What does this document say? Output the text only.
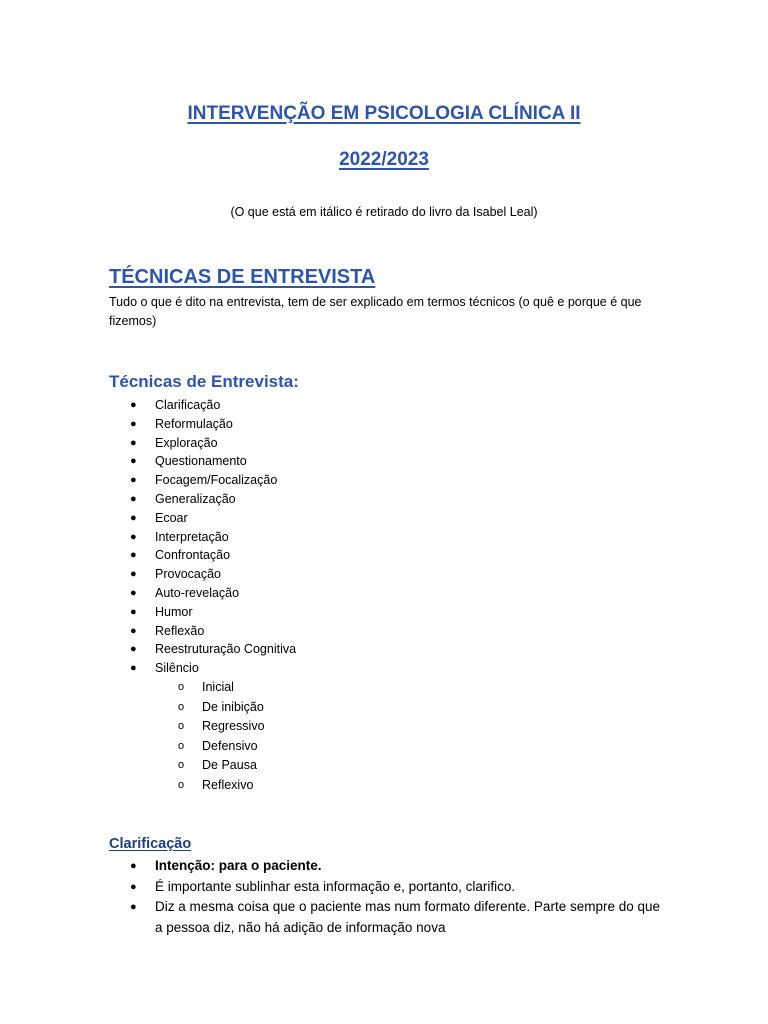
INTERVENÇÃO EM PSICOLOGIA CLÍNICA II
2022/2023

(O que está em itálico é retirado do livro da Isabel Leal)

TÉCNICAS DE ENTREVISTA

Tudo o que é dito na entrevista, tem de ser explicado em termos técnicos (o quê e porque é que fizemos)

Técnicas de Entrevista:
● Clarificação
● Reformulação
● Exploração
● Questionamento
● Focagem/Focalização
● Generalização
● Ecoar
● Interpretação
● Confrontação
● Provocação
● Auto-revelação
● Humor
● Reflexão
● Reestruturação Cognitiva
● Silêncio
o Inicial
o De inibição
o Regressivo
o Defensivo
o De Pausa
o Reflexivo
Clarificação
● Intenção: para o paciente.
● É importante sublinhar esta informação e, portanto, clarifico.
● Diz a mesma coisa que o paciente mas num formato diferente. Parte sempre do que a pessoa diz, não há adição de informação nova
